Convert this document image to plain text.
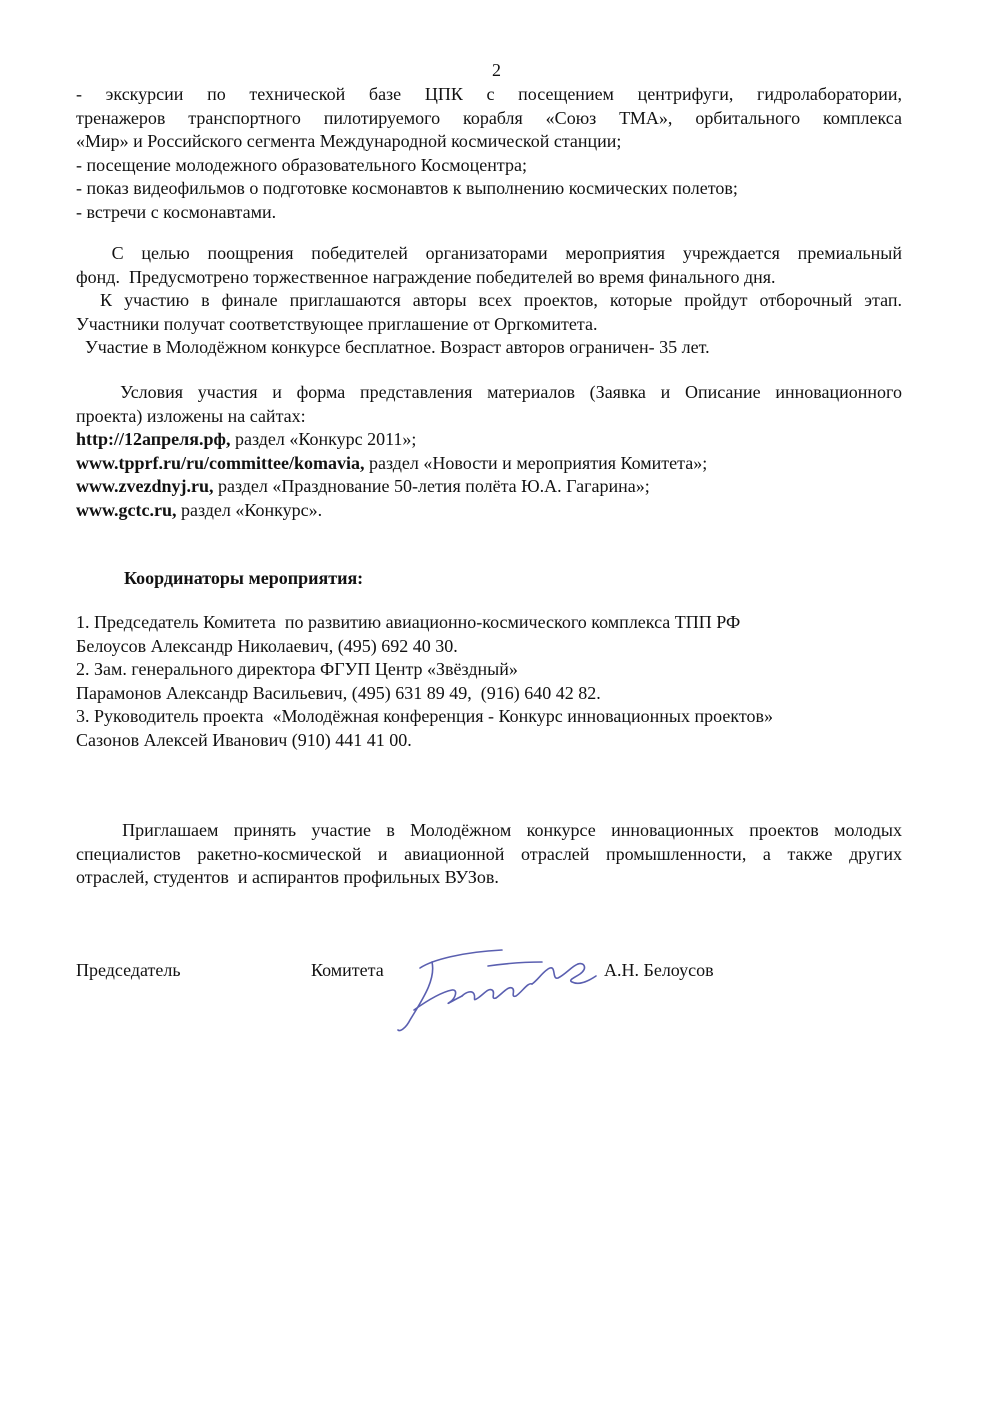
2
- экскурсии по технической базе ЦПК с посещением центрифуги, гидролаборатории,
тренажеров транспортного пилотируемого корабля «Союз ТМА», орбитального комплекса
«Мир» и Российского сегмента Международной космической станции;
- посещение молодежного образовательного Космоцентра;
- показ видеофильмов о подготовке космонавтов к выполнению космических полетов;
- встречи с космонавтами.
С целью поощрения победителей организаторами мероприятия учреждается премиальный
фонд.  Предусмотрено торжественное награждение победителей во время финального дня.
К участию в финале приглашаются авторы всех проектов, которые пройдут отборочный этап.
Участники получат соответствующее приглашение от Оргкомитета.
Участие в Молодёжном конкурсе бесплатное. Возраст авторов ограничен- 35 лет.
Условия участия и форма представления материалов (Заявка и Описание инновационного
проекта) изложены на сайтах:
http://12апреля.рф, раздел «Конкурс 2011»;
www.tpprf.ru/ru/committee/komavia, раздел «Новости и мероприятия Комитета»;
www.zvezdnyj.ru, раздел «Празднование 50-летия полёта Ю.А. Гагарина»;
www.gctc.ru, раздел «Конкурс».
Координаторы мероприятия:
1. Председатель Комитета  по развитию авиационно-космического комплекса ТПП РФ
Белоусов Александр Николаевич, (495) 692 40 30.
2. Зам. генерального директора ФГУП Центр «Звёздный»
Парамонов Александр Васильевич, (495) 631 89 49,  (916) 640 42 82.
3. Руководитель проекта  «Молодёжная конференция - Конкурс инновационных проектов»
Сазонов Алексей Иванович (910) 441 41 00.
Приглашаем принять участие в Молодёжном конкурсе инновационных проектов молодых
специалистов ракетно-космической и авиационной отраслей промышленности, а также других
отраслей, студентов  и аспирантов профильных ВУЗов.
Председатель	Комитета	А.Н. Белоусов
